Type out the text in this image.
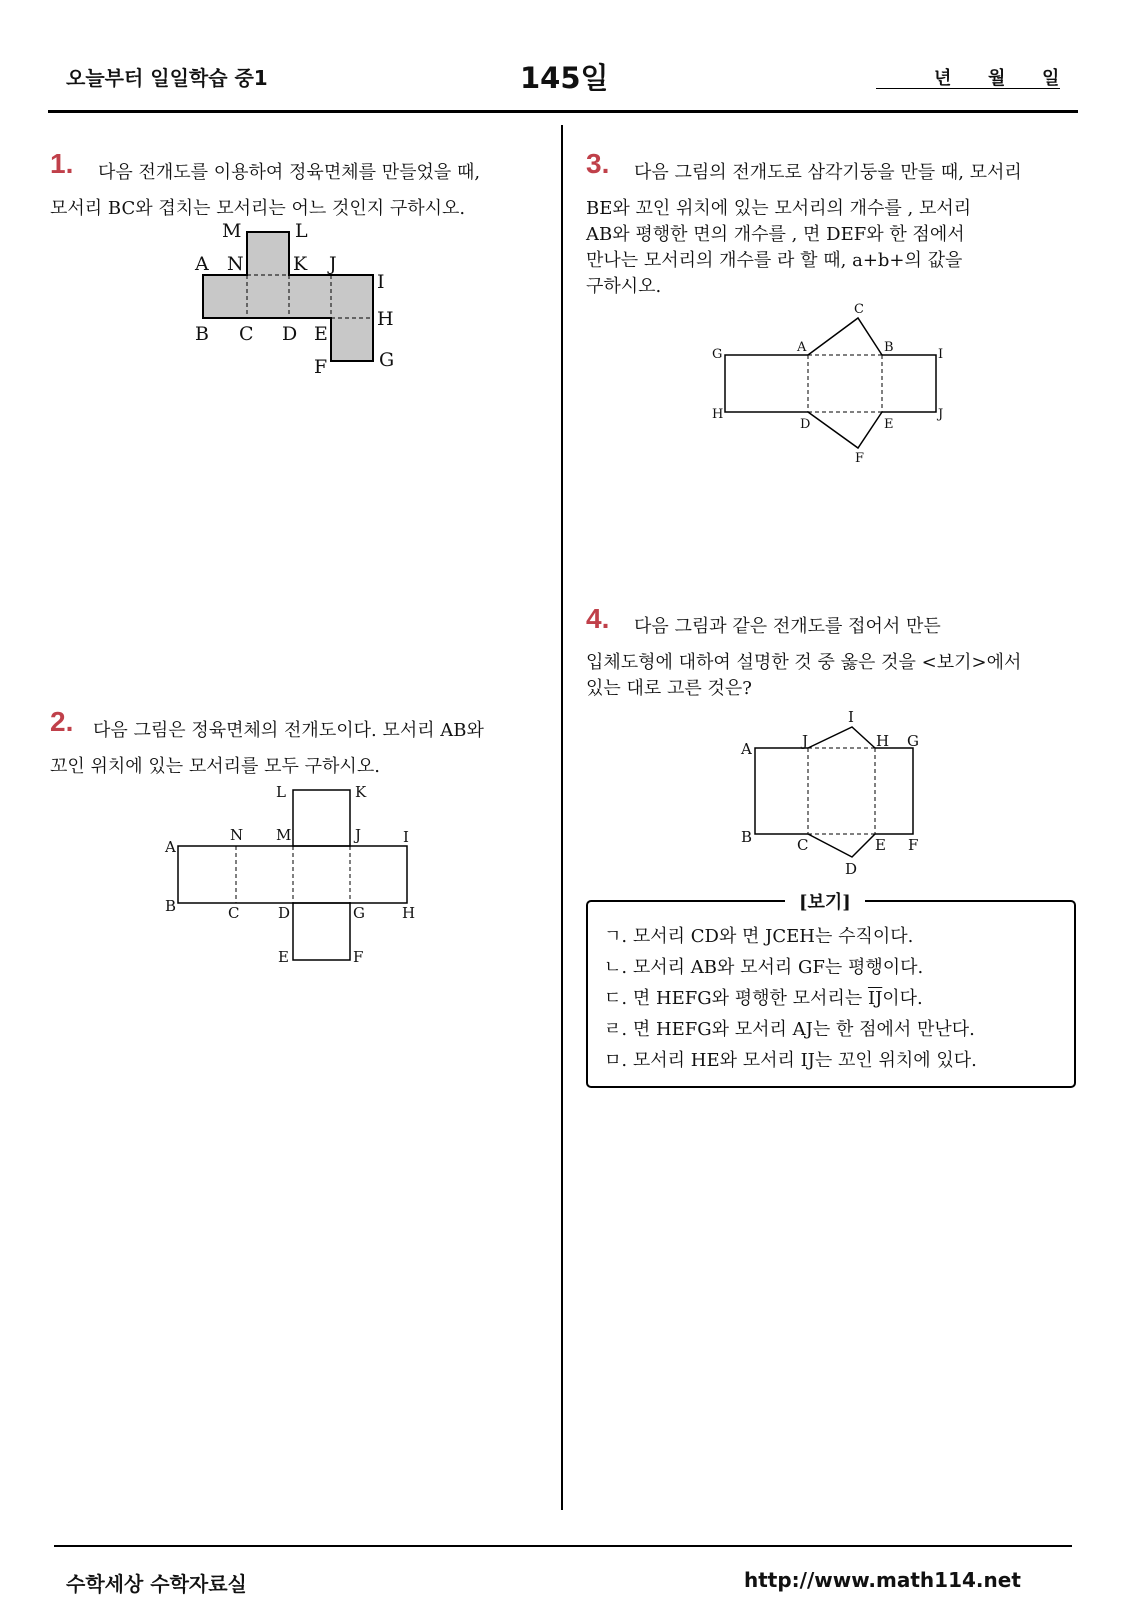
오늘부터 일일학습 중1	145일	년 월 일
1. 다음 전개도를 이용하여 정육면체를 만들었을 때,
모서리 BC와 겹치는 모서리는 어느 것인지 구하시오.
M	L
A N	K J
I
H
B C D E
F	G
2. 다음 그림은 정육면체의 전개도이다. 모서리 AB와
꼬인 위치에 있는 모서리를 모두 구하시오.
L	K
A
N M	J	I
B	C	D	G H
E	F
3. 다음 그림의 전개도로 삼각기둥을 만들 때, 모서리
BE와 꼬인 위치에 있는 모서리의 개수를 , 모서리
AB와 평행한 면의 개수를 , 면 DEF와 한 점에서
만나는 모서리의 개수를 라 할 때, a+b+의 값을
구하시오.
C
G	A	B	I
H
D	E
J
F
4. 다음 그림과 같은 전개도를 접어서 만든
입체도형에 대하여 설명한 것 중 옳은 것을 <보기>에서
있는 대로 고른 것은?
I
A	J	H G
B	C	E F
D
[보기]
ㄱ. 모서리 CD와 면 JCEH는 수직이다.
ㄴ. 모서리 AB와 모서리 GF는 평행이다.
ㄷ. 면 HEFG와 평행한 모서리는 $\overline{IJ}$이다.
ㄹ. 면 HEFG와 모서리 AJ는 한 점에서 만난다.
ㅁ. 모서리 HE와 모서리 IJ는 꼬인 위치에 있다.
수학세상 수학자료실	http://www.math114.net
